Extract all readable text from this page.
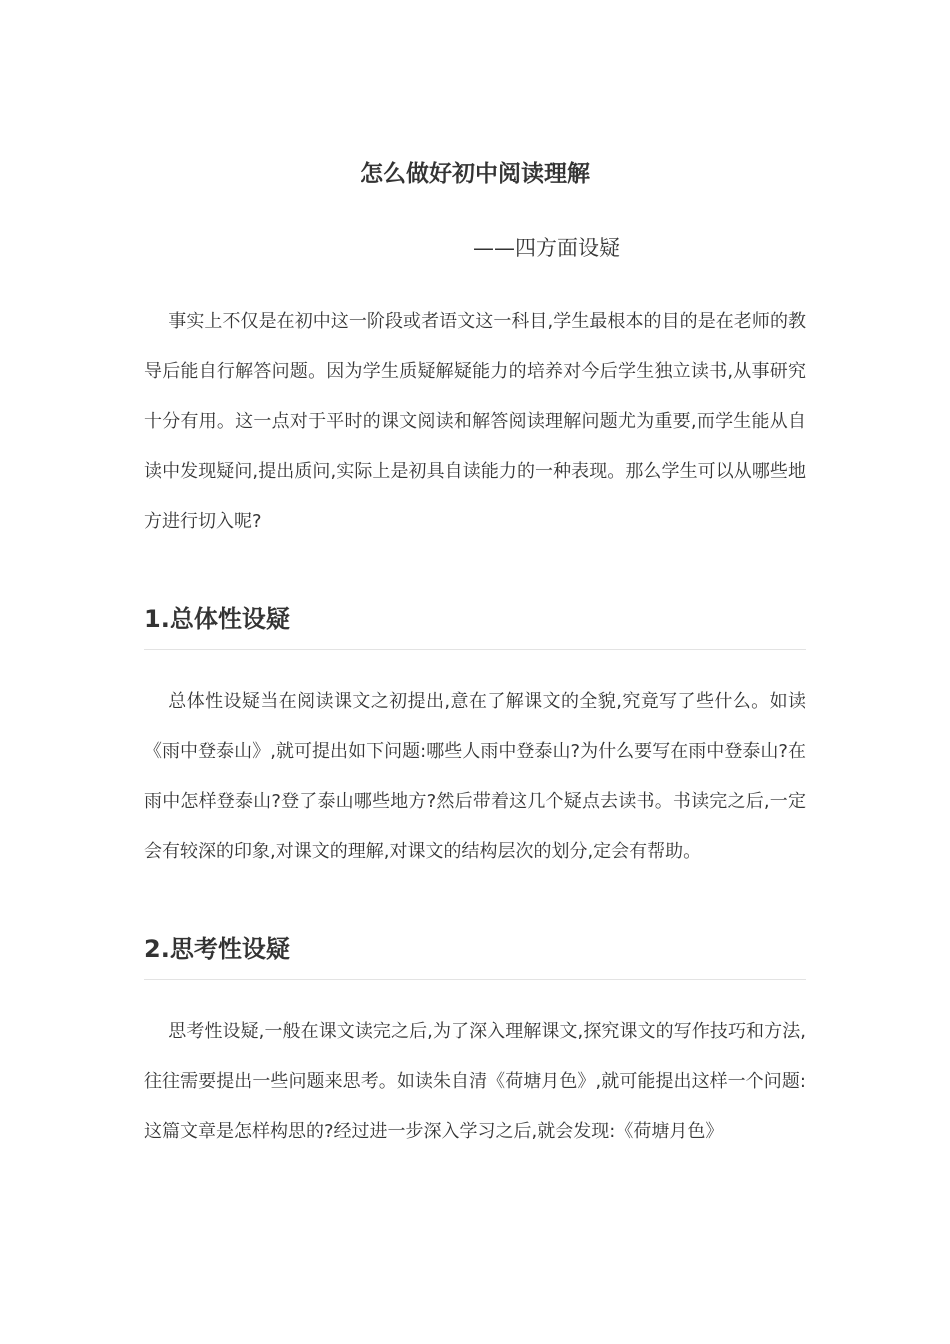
怎么做好初中阅读理解
——四方面设疑

事实上不仅是在初中这一阶段或者语文这一科目,学生最根本的目的是在老师的教导后能自行解答问题。因为学生质疑解疑能力的培养对今后学生独立读书,从事研究十分有用。这一点对于平时的课文阅读和解答阅读理解问题尤为重要,而学生能从自读中发现疑问,提出质问,实际上是初具自读能力的一种表现。那么学生可以从哪些地方进行切入呢?

1.总体性设疑

总体性设疑当在阅读课文之初提出,意在了解课文的全貌,究竟写了些什么。如读《雨中登泰山》,就可提出如下问题:哪些人雨中登泰山?为什么要写在雨中登泰山?在雨中怎样登泰山?登了泰山哪些地方?然后带着这几个疑点去读书。书读完之后,一定会有较深的印象,对课文的理解,对课文的结构层次的划分,定会有帮助。

2.思考性设疑

思考性设疑,一般在课文读完之后,为了深入理解课文,探究课文的写作技巧和方法,往往需要提出一些问题来思考。如读朱自清《荷塘月色》,就可能提出这样一个问题:这篇文章是怎样构思的?经过进一步深入学习之后,就会发现:《荷塘月色》
